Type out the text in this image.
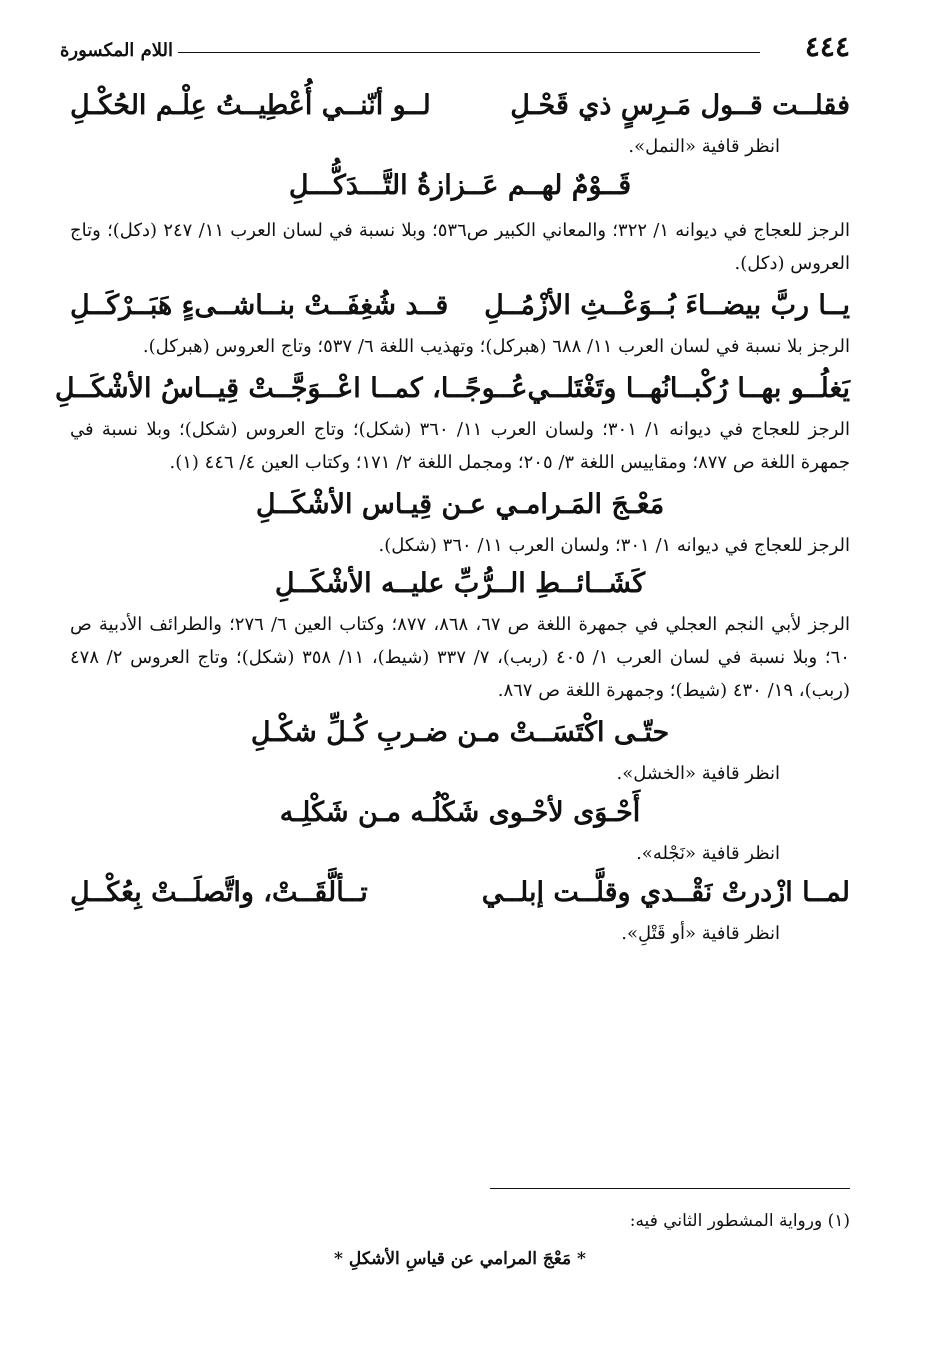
٤٤٤
اللام المكسورة
فقلــت قــول مَـرِسٍ ذي قَحْـلِ
لــو أنّنــي أُعْطِيــتُ عِلْـم الحُكْـلِ
انظر قافية «النمل».
قَــوْمٌ لهــم عَــزازةُ التَّـــدَكُّـــلِ
الرجز للعجاج في ديوانه ١/ ٣٢٢؛ والمعاني الكبير ص٥٣٦؛ وبلا نسبة في لسان العرب ١١/ ٢٤٧ (دكل)؛ وتاج العروس (دكل).
يــا ربَّ بيضــاءَ بُــوَعْــثِ الأزْمُــلِ
قــد شُغِفَــتْ بنــاشــىءٍ هَبَــرْكَــلِ
الرجز بلا نسبة في لسان العرب ١١/ ٦٨٨ (هبركل)؛ وتهذيب اللغة ٦/ ٥٣٧؛ وتاج العروس (هبركل).
يَغلُــو بهــا رُكْبــانُهــا وتَغْتَلــي
عُــوجًــا، كمــا اعْــوَجَّــتْ قِيــاسُ الأشْكَــلِ
الرجز للعجاج في ديوانه ١/ ٣٠١؛ ولسان العرب ١١/ ٣٦٠ (شكل)؛ وتاج العروس (شكل)؛ وبلا نسبة في جمهرة اللغة ص ٨٧٧؛ ومقاييس اللغة ٣/ ٢٠٥؛ ومجمل اللغة ٢/ ١٧١؛ وكتاب العين ٤/ ٤٤٦ (١).
مَعْـجَ المَـرامـي عـن قِيـاس الأشْكَــلِ
الرجز للعجاج في ديوانه ١/ ٣٠١؛ ولسان العرب ١١/ ٣٦٠ (شكل).
كَشَــائــطِ الــرُّبِّ عليــه الأشْكَــلِ
الرجز لأبي النجم العجلي في جمهرة اللغة ص ٦٧، ٨٦٨، ٨٧٧؛ وكتاب العين ٦/ ٢٧٦؛ والطرائف الأدبية ص ٦٠؛ وبلا نسبة في لسان العرب ١/ ٤٠٥ (ربب)، ٧/ ٣٣٧ (شيط)، ١١/ ٣٥٨ (شكل)؛ وتاج العروس ٢/ ٤٧٨ (ربب)، ١٩/ ٤٣٠ (شيط)؛ وجمهرة اللغة ص ٨٦٧.
حتّـى اكْتَسَــتْ مـن ضـربِ كُـلِّ شكْـلِ
انظر قافية «الخشل».
أَحْـوَى لأحْـوى شَكْلُـه مـن شَكْلِـه
انظر قافية «نَجْله».
لمــا ازْدرتْ نَقْــدي وقلَّــت إبلــي
تــألَّقَــتْ، واتَّصلَــتْ بِعُكْــلِ
انظر قافية «أو قَتْلِ».
(١) ورواية المشطور الثاني فيه:
* مَعْجَ المرامي عن قياسِ الأشكلِ *
